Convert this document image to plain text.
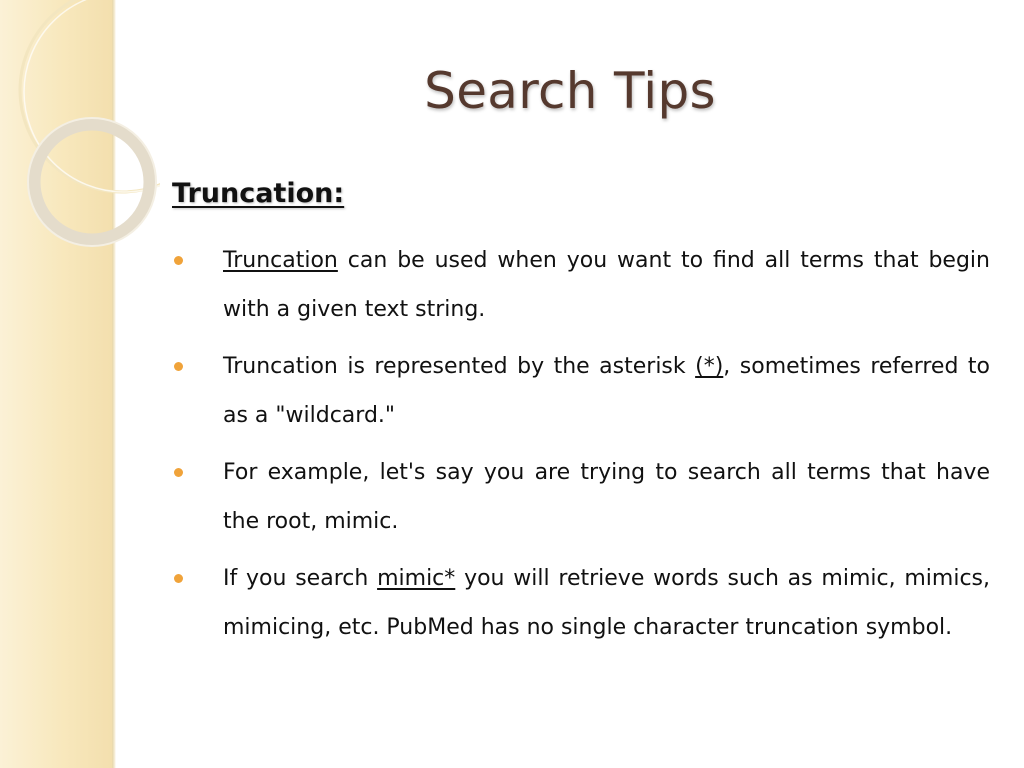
Search Tips
Truncation:
Truncation can be used when you want to find all terms that begin with a given text string.
Truncation is represented by the asterisk (*), sometimes referred to as a "wildcard."
For example, let's say you are trying to search all terms that have the root, mimic.
If you search mimic* you will retrieve words such as mimic, mimics, mimicing, etc. PubMed has no single character truncation symbol.
